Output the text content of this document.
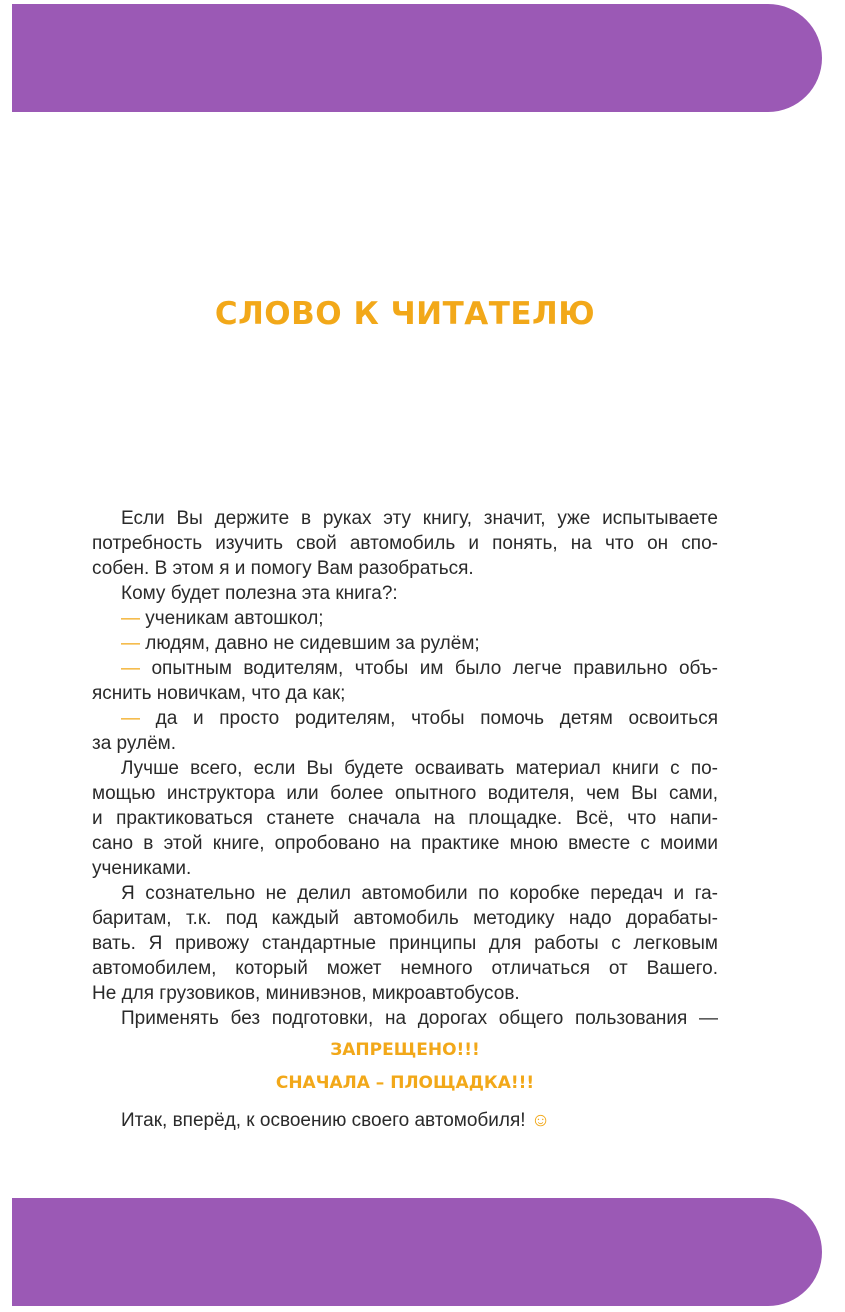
СЛОВО К ЧИТАТЕЛЮ
Если Вы держите в руках эту книгу, значит, уже испытываете
потребность изучить свой автомобиль и понять, на что он спо-
собен. В этом я и помогу Вам разобраться.
Кому будет полезна эта книга?:
— ученикам автошкол;
— людям, давно не сидевшим за рулём;
— опытным водителям, чтобы им было легче правильно объ-
яснить новичкам, что да как;
— да и просто родителям, чтобы помочь детям освоиться
за рулём.
Лучше всего, если Вы будете осваивать материал книги с по-
мощью инструктора или более опытного водителя, чем Вы сами,
и практиковаться станете сначала на площадке. Всё, что напи-
сано в этой книге, опробовано на практике мною вместе с моими
учениками.
Я сознательно не делил автомобили по коробке передач и га-
баритам, т.к. под каждый автомобиль методику надо дорабаты-
вать. Я привожу стандартные принципы для работы с легковым
автомобилем, который может немного отличаться от Вашего.
Не для грузовиков, минивэнов, микроавтобусов.
Применять без подготовки, на дорогах общего пользования —
ЗАПРЕЩЕНО!!!
СНАЧАЛА – ПЛОЩАДКА!!!
Итак, вперёд, к освоению своего автомобиля! ☺
